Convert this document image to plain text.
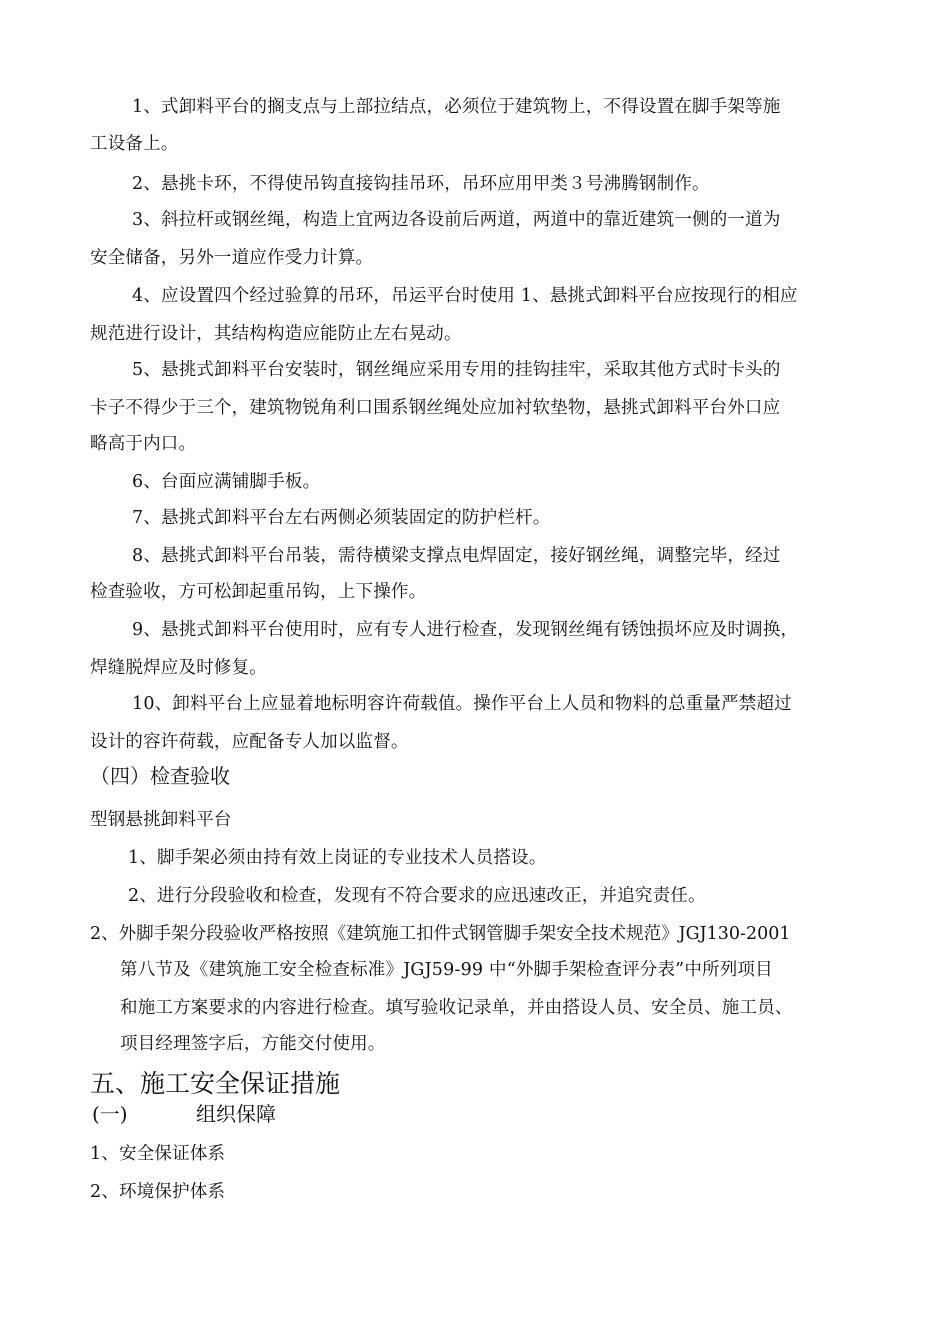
1、式卸料平台的搁支点与上部拉结点，必须位于建筑物上，不得设置在脚手架等施
工设备上。
2、悬挑卡环，不得使吊钩直接钩挂吊环，吊环应用甲类３号沸腾钢制作。
3、斜拉杆或钢丝绳，构造上宜两边各设前后两道，两道中的靠近建筑一侧的一道为
安全储备，另外一道应作受力计算。
4、应设置四个经过验算的吊环，吊运平台时使用 1、悬挑式卸料平台应按现行的相应
规范进行设计，其结构构造应能防止左右晃动。
5、悬挑式卸料平台安装时，钢丝绳应采用专用的挂钩挂牢，采取其他方式时卡头的
卡子不得少于三个，建筑物锐角利口围系钢丝绳处应加衬软垫物，悬挑式卸料平台外口应
略高于内口。
6、台面应满铺脚手板。
7、悬挑式卸料平台左右两侧必须装固定的防护栏杆。
8、悬挑式卸料平台吊装，需待横梁支撑点电焊固定，接好钢丝绳，调整完毕，经过
检查验收，方可松卸起重吊钩，上下操作。
9、悬挑式卸料平台使用时，应有专人进行检查，发现钢丝绳有锈蚀损坏应及时调换，
焊缝脱焊应及时修复。
10、卸料平台上应显着地标明容许荷载值。操作平台上人员和物料的总重量严禁超过
设计的容许荷载，应配备专人加以监督。
（四）检查验收
型钢悬挑卸料平台
1、脚手架必须由持有效上岗证的专业技术人员搭设。
2、进行分段验收和检查，发现有不符合要求的应迅速改正，并追究责任。
2、外脚手架分段验收严格按照《建筑施工扣件式钢管脚手架安全技术规范》JGJ130-2001
第八节及《建筑施工安全检查标准》JGJ59-99 中“外脚手架检查评分表”中所列项目
和施工方案要求的内容进行检查。填写验收记录单，并由搭设人员、安全员、施工员、
项目经理签字后，方能交付使用。
五、施工安全保证措施
(一)	组织保障
1、安全保证体系
2、环境保护体系
